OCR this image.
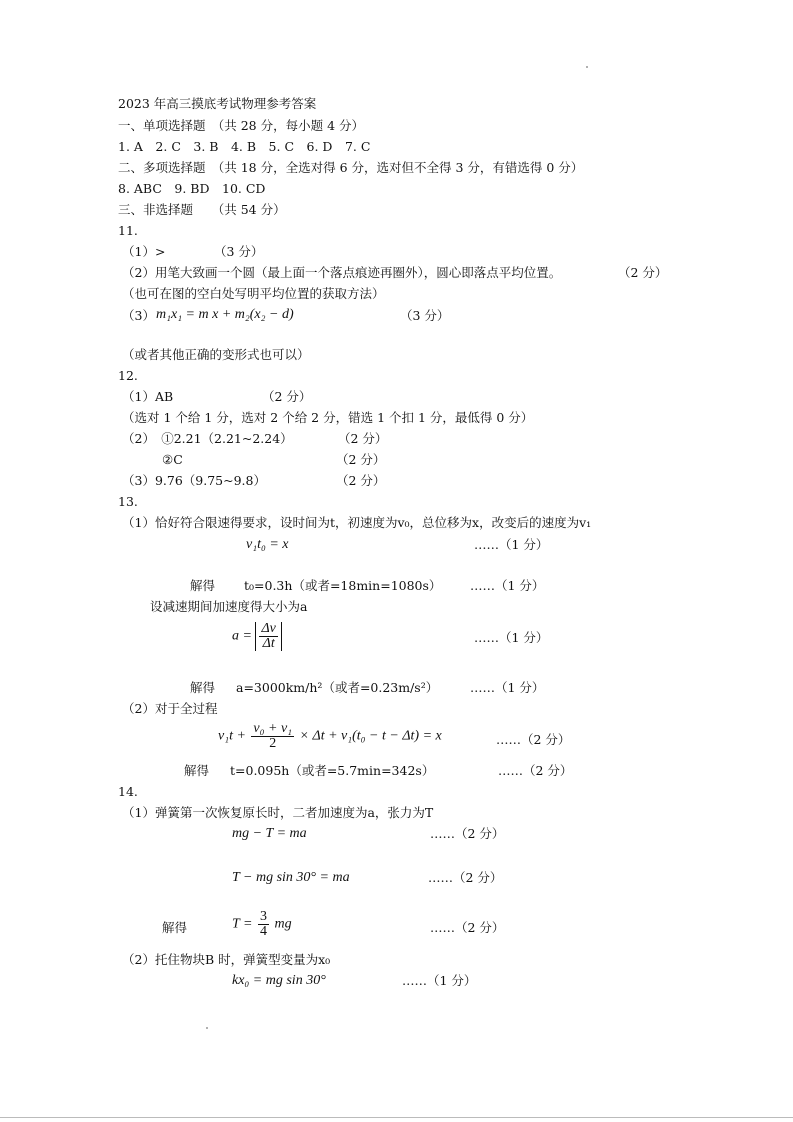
2023 年高三摸底考试物理参考答案
一、单项选择题　（共 28 分，每小题 4 分）
1. A　2. C　3. B　4. B　5. C　6. D　7. C
二、多项选择题　（共 18 分，全选对得 6 分，选对但不全得 3 分，有错选得 0 分）
8. ABC　9. BD　10. CD
三、非选择题　　（共 54 分）
11.
（1）>	（3 分）
（2）用笔大致画一个圆（最上面一个落点痕迹再圈外），圆心即落点平均位置。	（2 分）
（也可在图的空白处写明平均位置的获取方法）
（3） m₁x₁ = m x + m₂(x₂ − d)	（3 分）
（或者其他正确的变形式也可以）
12.
（1）AB	（2 分）
（选对 1 个给 1 分，选对 2 个给 2 分，错选 1 个扣 1 分，最低得 0 分）
（2）　①2.21（2.21~2.24）	（2 分）
②C	（2 分）
（3）9.76（9.75~9.8）	（2 分）
13.
（1）恰好符合限速得要求，设时间为t，初速度为v₀，总位移为x，改变后的速度为v₁
v₁t₀ = x	……（1 分）
解得 t₀=0.3h（或者=18min=1080s） ……（1 分）
设减速期间加速度得大小为a
$a = \frac{\Delta v}{\Delta t}$	……（1 分）
解得 a=3000km/h²（或者=0.23m/s²）	……（1 分）
（2）对于全过程
$v_1t + \frac{\text{v₀ + v₁}}{2} \times \Delta t + v_1(t_0 - t - \Delta t) = x$	……（2 分）
解得 t=0.095h（或者=5.7min=342s）	……（2 分）
14.
（1）弹簧第一次恢复原长时，二者加速度为a，张力为T
mg − T = ma	……（2 分）
T − mg sin 30° = ma	……（2 分）
解得	$T = \frac{3}{4}$ mg	……（2 分）
（2）托住物块B 时，弹簧型变量为x₀
kx₀ = mg sin 30°	……（1 分）
